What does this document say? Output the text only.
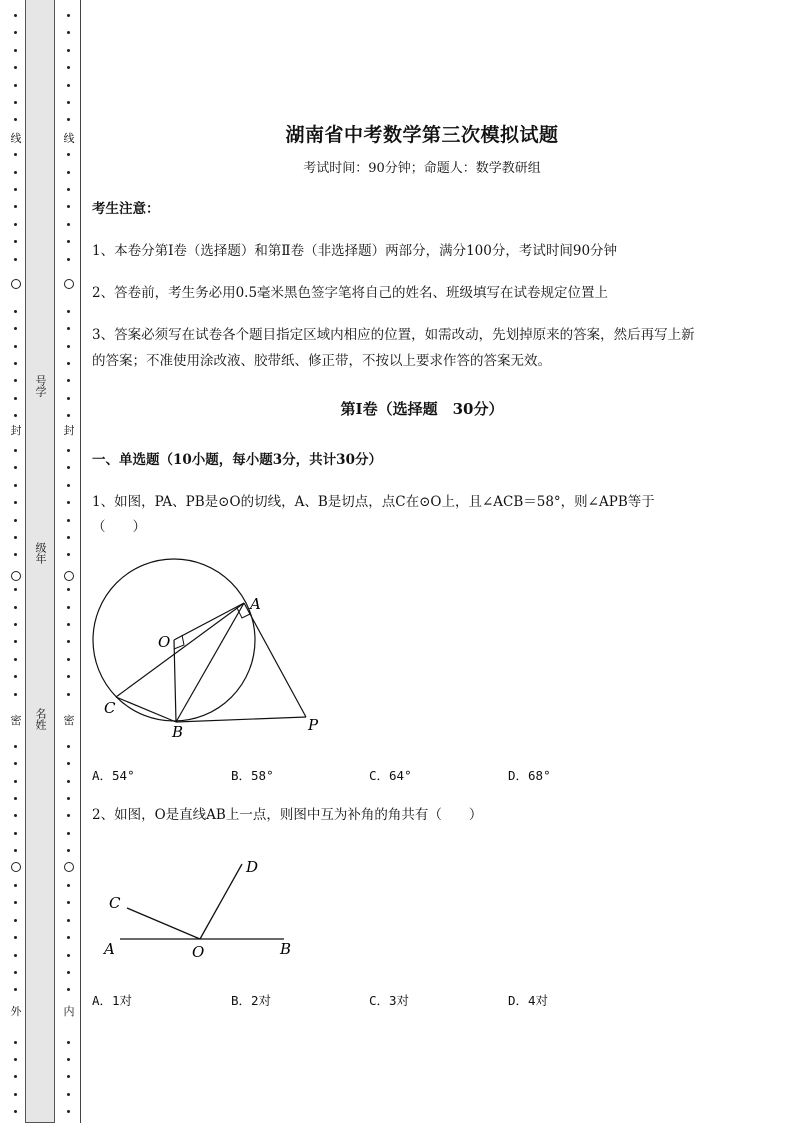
线
封
密
外
号学
级年
名姓
线
封
密
内
湖南省中考数学第三次模拟试题
考试时间：90分钟；命题人：数学教研组
考生注意：
1、本卷分第Ⅰ卷（选择题）和第Ⅱ卷（非选择题）两部分，满分100分，考试时间90分钟
2、答卷前，考生务必用0.5毫米黑色签字笔将自己的姓名、班级填写在试卷规定位置上
3、答案必须写在试卷各个题目指定区域内相应的位置，如需改动，先划掉原来的答案，然后再写上新
的答案；不准使用涂改液、胶带纸、修正带，不按以上要求作答的答案无效。
第Ⅰ卷（选择题　30分）
一、单选题（10小题，每小题3分，共计30分）
1、如图，PA、PB是⊙O的切线，A、B是切点，点C在⊙O上，且∠ACB＝58°，则∠APB等于
（　　）
A
O
C
B	P
A．54°	B．58°	C．64°	D．68°
2、如图，O是直线AB上一点，则图中互为补角的角共有（　　）
A	O	B
C
D
A．1对	B．2对	C．3对	D．4对
